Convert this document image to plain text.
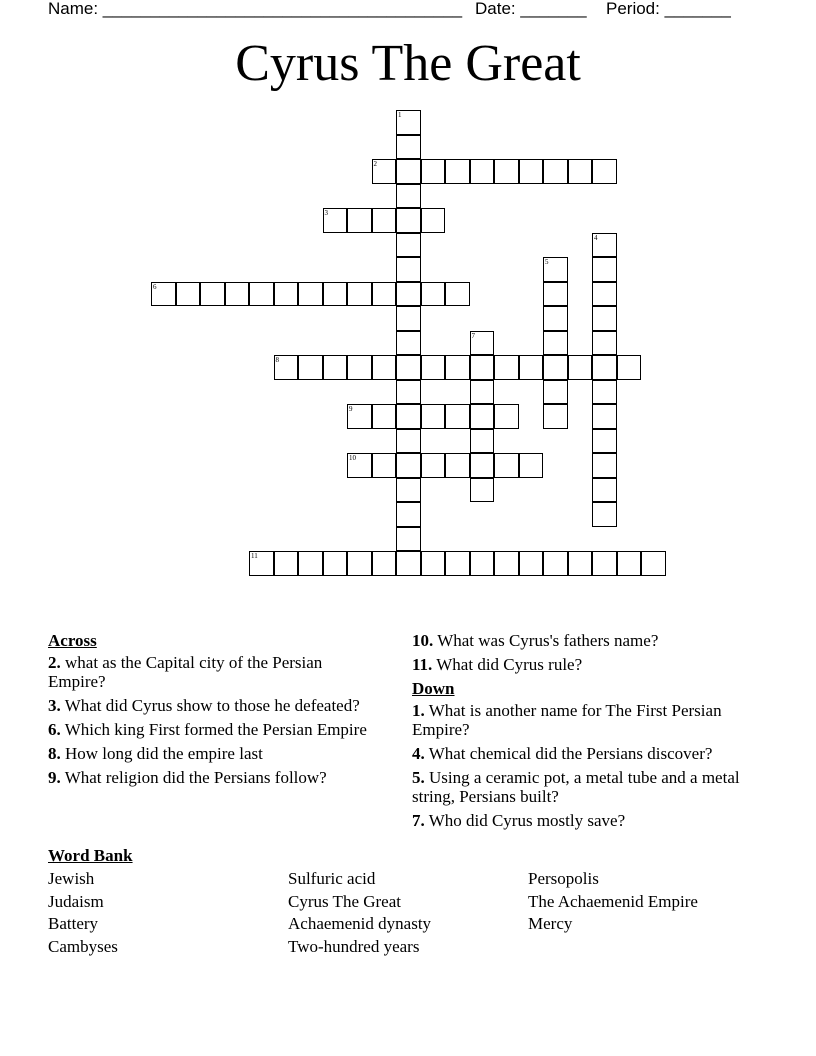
Name: ______________________________________ Date: _______ Period: _______
Cyrus The Great
1
2
3
4
5
6
7
8
9
10
11
Across
2. what as the Capital city of the Persian Empire?
3. What did Cyrus show to those he defeated?
6. Which king First formed the Persian Empire
8. How long did the empire last
9. What religion did the Persians follow?
10. What was Cyrus's fathers name?
11. What did Cyrus rule?
Down
1. What is another name for The First Persian Empire?
4. What chemical did the Persians discover?
5. Using a ceramic pot, a metal tube and a metal string, Persians built?
7. Who did Cyrus mostly save?
Word Bank
Jewish
Judaism
Battery
Cambyses
Sulfuric acid
Cyrus The Great
Achaemenid dynasty
Two-hundred years
Persopolis
The Achaemenid Empire
Mercy
